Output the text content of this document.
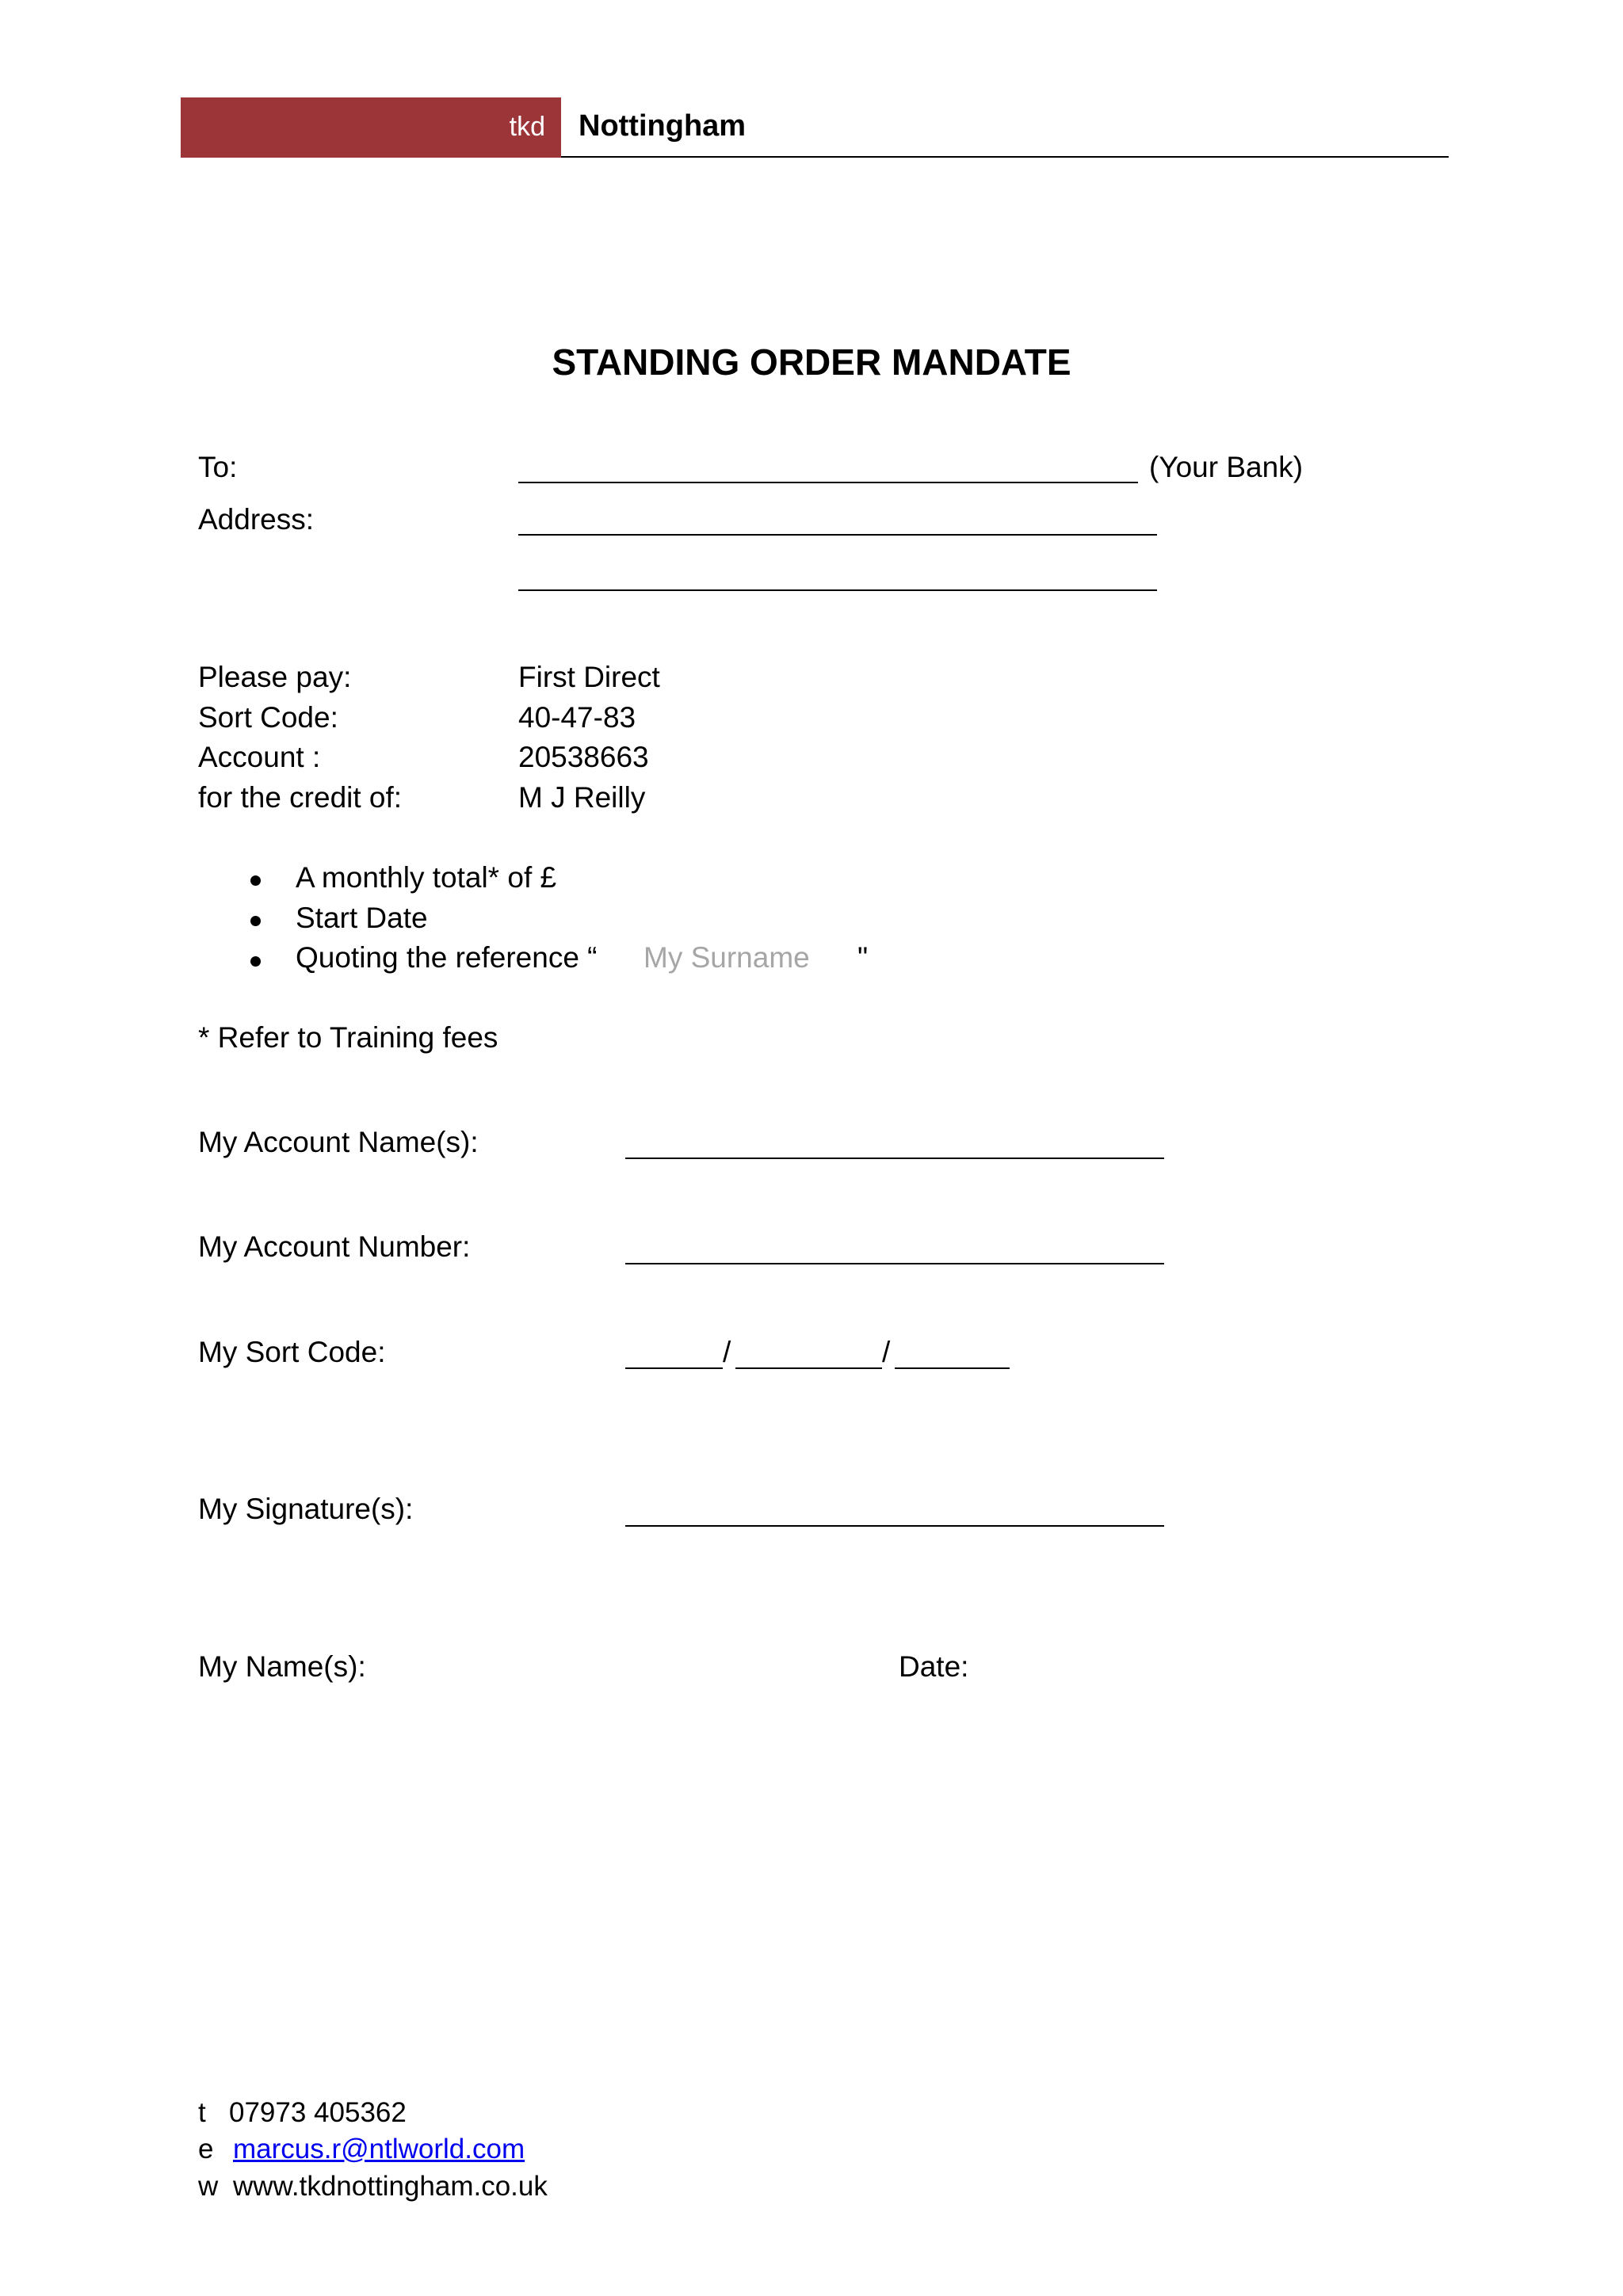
tkd Nottingham
STANDING ORDER MANDATE
To:	(Your Bank)
Address:
Please pay:	First Direct
Sort Code:	40-47-83
Account :	20538663
for the credit of:	M J Reilly
A monthly total* of £
Start Date
Quoting the reference “ My Surname "
* Refer to Training fees
My Account Name(s):
My Account Number:
My Sort Code:	/	/
My Signature(s):
My Name(s):	Date:
t 07973 405362
e marcus.r@ntlworld.com
w www.tkdnottingham.co.uk
